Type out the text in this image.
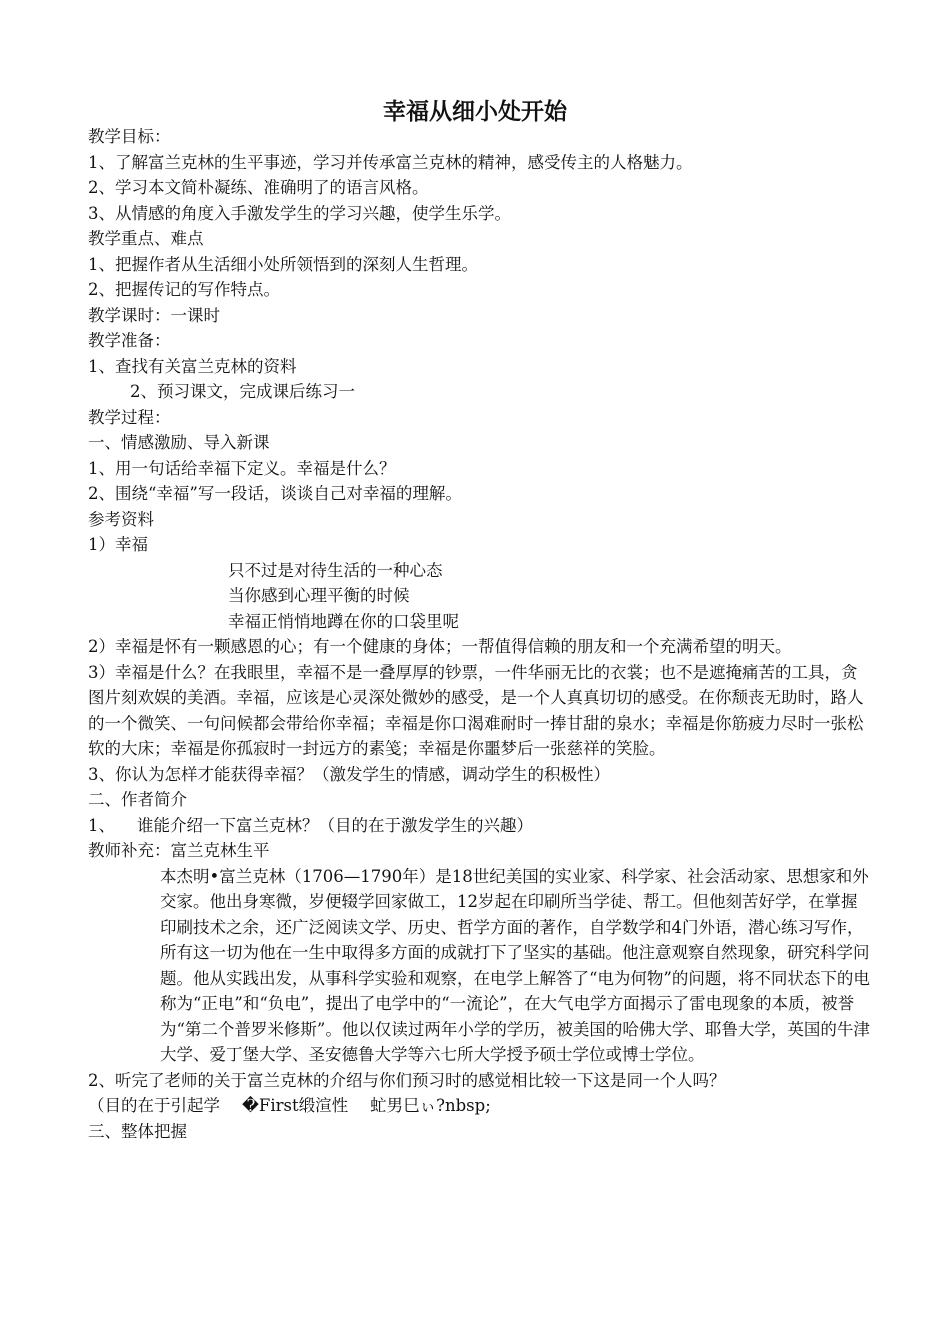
幸福从细小处开始

教学目标：

1、了解富兰克林的生平事迹，学习并传承富兰克林的精神，感受传主的人格魅力。

2、学习本文简朴凝练、准确明了的语言风格。

3、从情感的角度入手激发学生的学习兴趣，使学生乐学。

教学重点、难点

1、把握作者从生活细小处所领悟到的深刻人生哲理。

2、把握传记的写作特点。

教学课时：一课时

教学准备：

1、查找有关富兰克林的资料

2、预习课文，完成课后练习一

教学过程：

一、情感激励、导入新课

1、用一句话给幸福下定义。幸福是什么？

2、围绕“幸福”写一段话，谈谈自己对幸福的理解。

参考资料

1）幸福

只不过是对待生活的一种心态

当你感到心理平衡的时候

幸福正悄悄地蹲在你的口袋里呢

2）幸福是怀有一颗感恩的心；有一个健康的身体；一帮值得信赖的朋友和一个充满希望的明天。

3）幸福是什么？在我眼里，幸福不是一叠厚厚的钞票，一件华丽无比的衣裳；也不是遮掩痛苦的工具，贪图片刻欢娱的美酒。幸福，应该是心灵深处微妙的感受，是一个人真真切切的感受。在你颓丧无助时，路人的一个微笑、一句问候都会带给你幸福；幸福是你口渴难耐时一捧甘甜的泉水；幸福是你筋疲力尽时一张松软的大床；幸福是你孤寂时一封远方的素笺；幸福是你噩梦后一张慈祥的笑脸。

3、你认为怎样才能获得幸福？（激发学生的情感，调动学生的积极性）

二、作者简介

1、 谁能介绍一下富兰克林？（目的在于激发学生的兴趣）

教师补充：富兰克林生平

本杰明•富兰克林（1706—1790年）是18世纪美国的实业家、科学家、社会活动家、思想家和外交家。他出身寒微，岁便辍学回家做工，12岁起在印刷所当学徒、帮工。但他刻苦好学，在掌握印刷技术之余，还广泛阅读文学、历史、哲学方面的著作，自学数学和4门外语，潜心练习写作，所有这一切为他在一生中取得多方面的成就打下了坚实的基础。他注意观察自然现象，研究科学问题。他从实践出发，从事科学实验和观察，在电学上解答了“电为何物”的问题，将不同状态下的电称为“正电”和“负电”，提出了电学中的“一流论”，在大气电学方面揭示了雷电现象的本质，被誉为“第二个普罗米修斯”。他以仅读过两年小学的学历，被美国的哈佛大学、耶鲁大学，英国的牛津大学、爱丁堡大学、圣安德鲁大学等六七所大学授予硕士学位或博士学位。

2、听完了老师的关于富兰克林的介绍与你们预习时的感觉相比较一下这是同一个人吗？

（目的在于引起学 �First缎渲性 虻男巳ぃ?nbsp;

三、整体把握
